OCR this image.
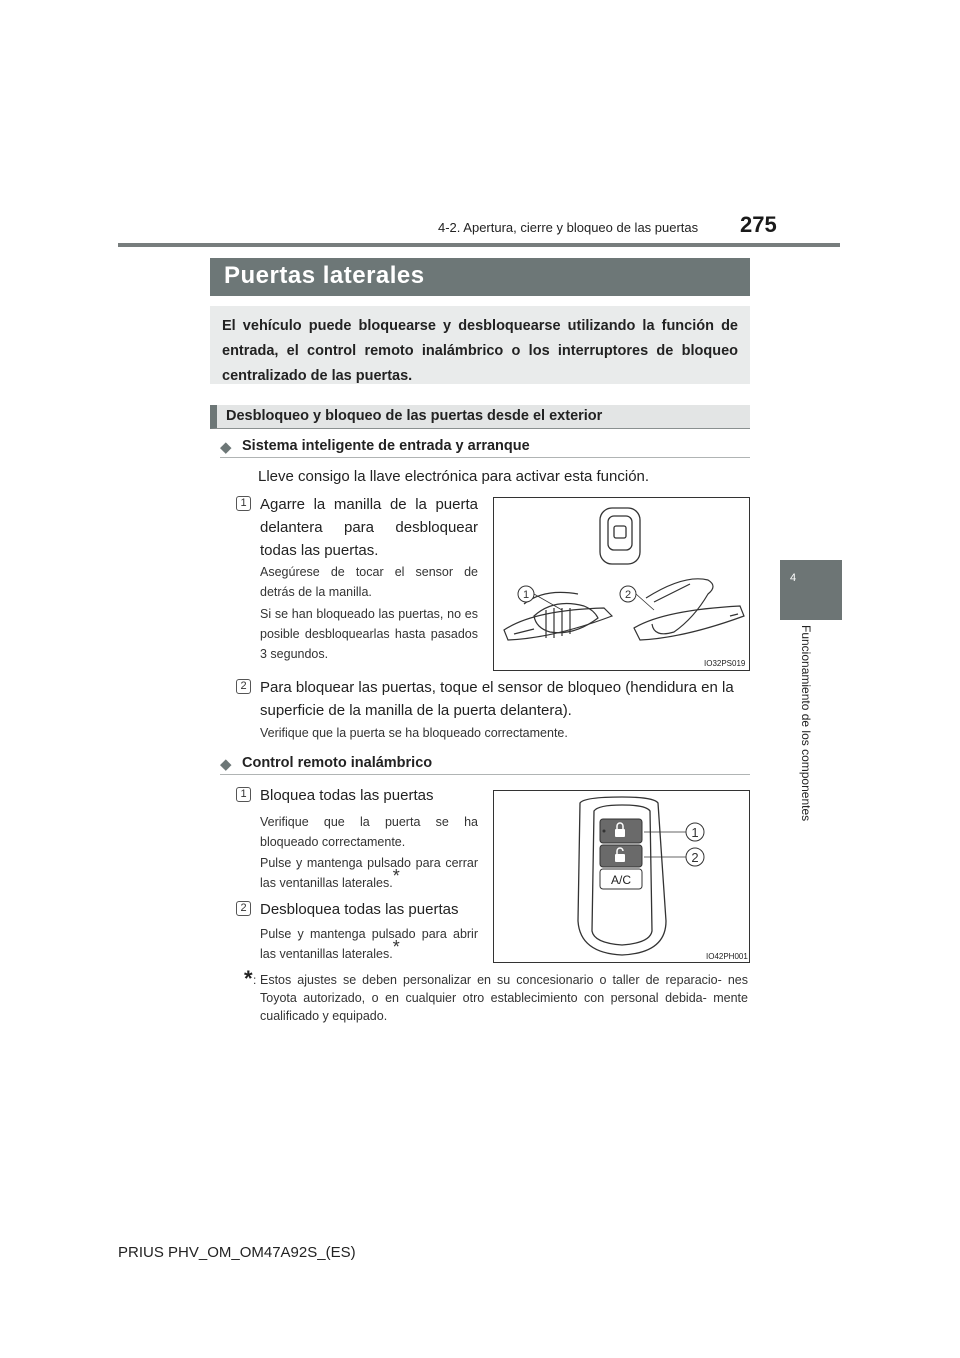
4-2. Apertura, cierre y bloqueo de las puertas 275
4
Funcionamiento de los componentes
Puertas laterales

El vehículo puede bloquearse y desbloquearse utilizando la función de entrada, el control remoto inalámbrico o los interruptores de bloqueo centralizado de las puertas.

Desbloqueo y bloqueo de las puertas desde el exterior
◆ Sistema inteligente de entrada y arranque
Lleve consigo la llave electrónica para activar esta función.
1 Agarre la manilla de la puerta delantera para desbloquear todas las puertas.
Asegúrese de tocar el sensor de detrás de la manilla.
Si se han bloqueado las puertas, no es posible desbloquearlas hasta pasados 3 segundos.
1	2
IO32PS019
2 Para bloquear las puertas, toque el sensor de bloqueo (hendidura en la superficie de la manilla de la puerta delantera).
Verifique que la puerta se ha bloqueado correctamente.
◆ Control remoto inalámbrico
1 Bloquea todas las puertas
Verifique que la puerta se ha bloqueado correctamente.
Pulse y mantenga pulsado para cerrar las ventanillas laterales.*
2 Desbloquea todas las puertas
Pulse y mantenga pulsado para abrir las ventanillas laterales.*
A/C
1
2
IO42PH001
* : Estos ajustes se deben personalizar en su concesionario o taller de reparacio- nes Toyota autorizado, o en cualquier otro establecimiento con personal debida- mente cualificado y equipado.
PRIUS PHV_OM_OM47A92S_(ES)
